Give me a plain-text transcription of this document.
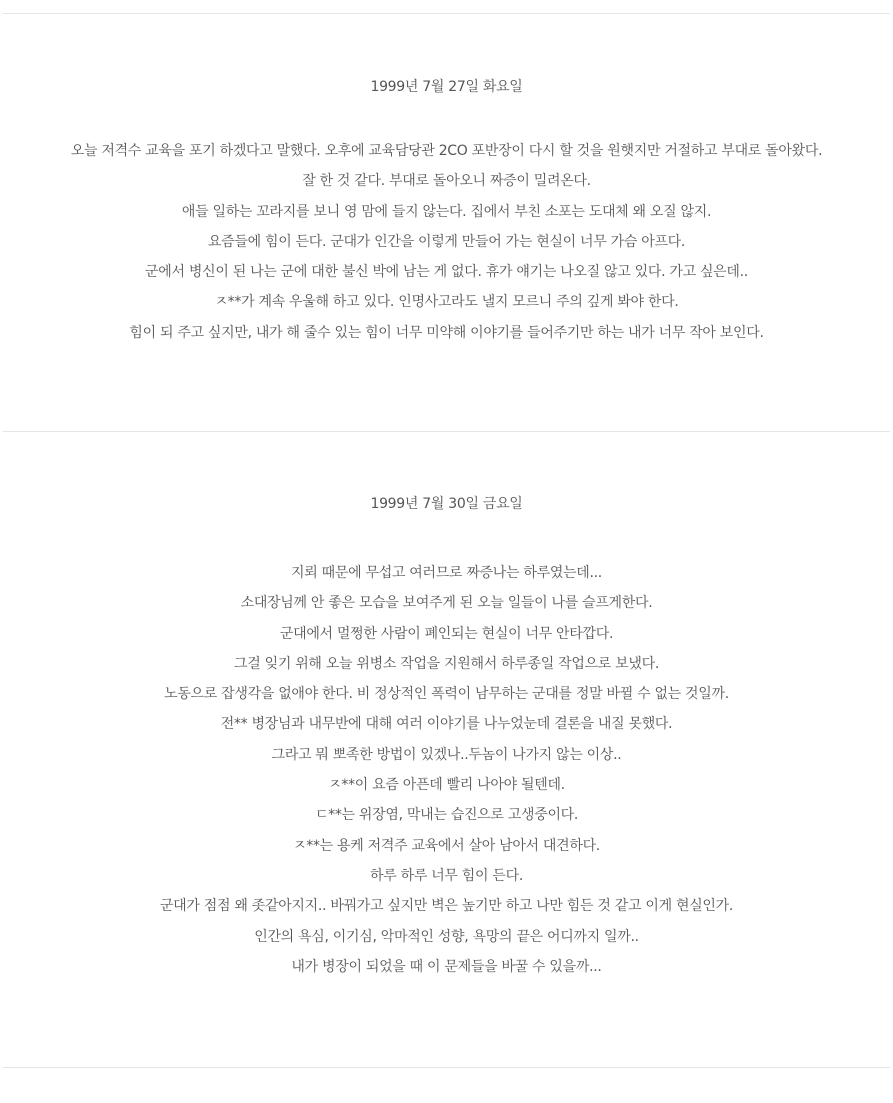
1999년 7월 27일 화요일

오늘 저격수 교육을 포기 하겠다고 말했다. 오후에 교육담당관 2CO 포반장이 다시 할 것을 원햇지만 거절하고 부대로 돌아왔다.
잘 한 것 같다. 부대로 돌아오니 짜증이 밀려온다.
애들 일하는 꼬라지를 보니 영 맘에 들지 않는다. 집에서 부친 소포는 도대체 왜 오질 않지.
요즘들에 힘이 든다. 군대가 인간을 이렇게 만들어 가는 현실이 너무 가슴 아프다.
군에서 병신이 된 나는 군에 대한 불신 박에 남는 게 없다. 휴가 얘기는 나오질 않고 있다. 가고 싶은데..
ㅈ**가 계속 우울해 하고 있다. 인명사고라도 낼지 모르니 주의 깊게 봐야 한다.
힘이 되 주고 싶지만, 내가 해 줄수 있는 힘이 너무 미약해 이야기를 들어주기만 하는 내가 너무 작아 보인다.

1999년 7월 30일 금요일

지뢰 때문에 무섭고 여러므로 짜증나는 하루였는데...
소대장님께 안 좋은 모습을 보여주게 된 오늘 일들이 나를 슬프게한다.
군대에서 멀쩡한 사람이 폐인되는 현실이 너무 안타깝다.
그걸 잊기 위해 오늘 위병소 작업을 지원해서 하루종일 작업으로 보냈다.
노동으로 잡생각을 없애야 한다. 비 정상적인 폭력이 남무하는 군대를 정말 바뀔 수 없는 것일까.
전** 병장님과 내무반에 대해 여러 이야기를 나누었눈데 결론을 내질 못했다.
그라고 뭐 뽀족한 방법이 있겠나..두놈이 나가지 않는 이상..
ㅈ**이 요즘 아픈데 빨리 나아야 될텐데.
ㄷ**는 위장염, 막내는 습진으로 고생중이다.
ㅈ**는 용케 저격주 교육에서 살아 남아서 대견하다.
하루 하루 너무 힘이 든다.
군대가 점점 왜 좃같아지지.. 바꿔가고 싶지만 벽은 높기만 하고 나만 힘든 것 같고 이게 현실인가.
인간의 욕심, 이기심, 악마적인 성향, 욕망의 끝은 어디까지 일까..
내가 병장이 되었을 때 이 문제들을 바꿀 수 있을까...
